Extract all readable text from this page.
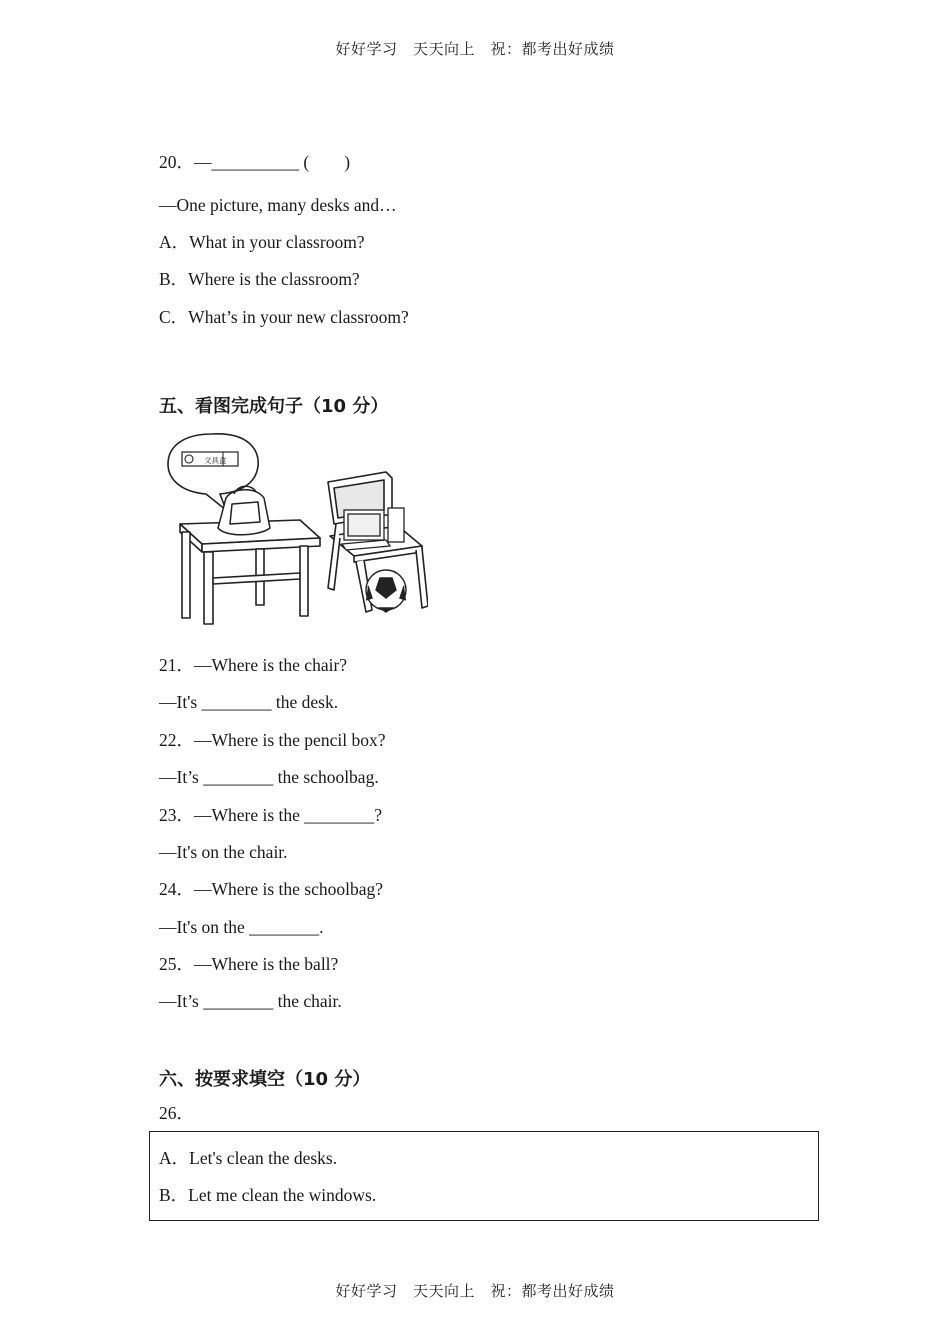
好好学习　天天向上　祝：都考出好成绩
20．—__________ (　　)
—One picture, many desks and…
A．What in your classroom?
B．Where is the classroom?
C．What’s in your new classroom?
五、看图完成句子（10 分）
文具盒
21．—Where is the chair?
—It's ________ the desk.
22．—Where is the pencil box?
—It’s ________ the schoolbag.
23．—Where is the ________?
—It's on the chair.
24．—Where is the schoolbag?
—It's on the ________.
25．—Where is the ball?
—It’s ________ the chair.
六、按要求填空（10 分）
26．
A．Let's clean the desks.
B．Let me clean the windows.
好好学习　天天向上　祝：都考出好成绩
